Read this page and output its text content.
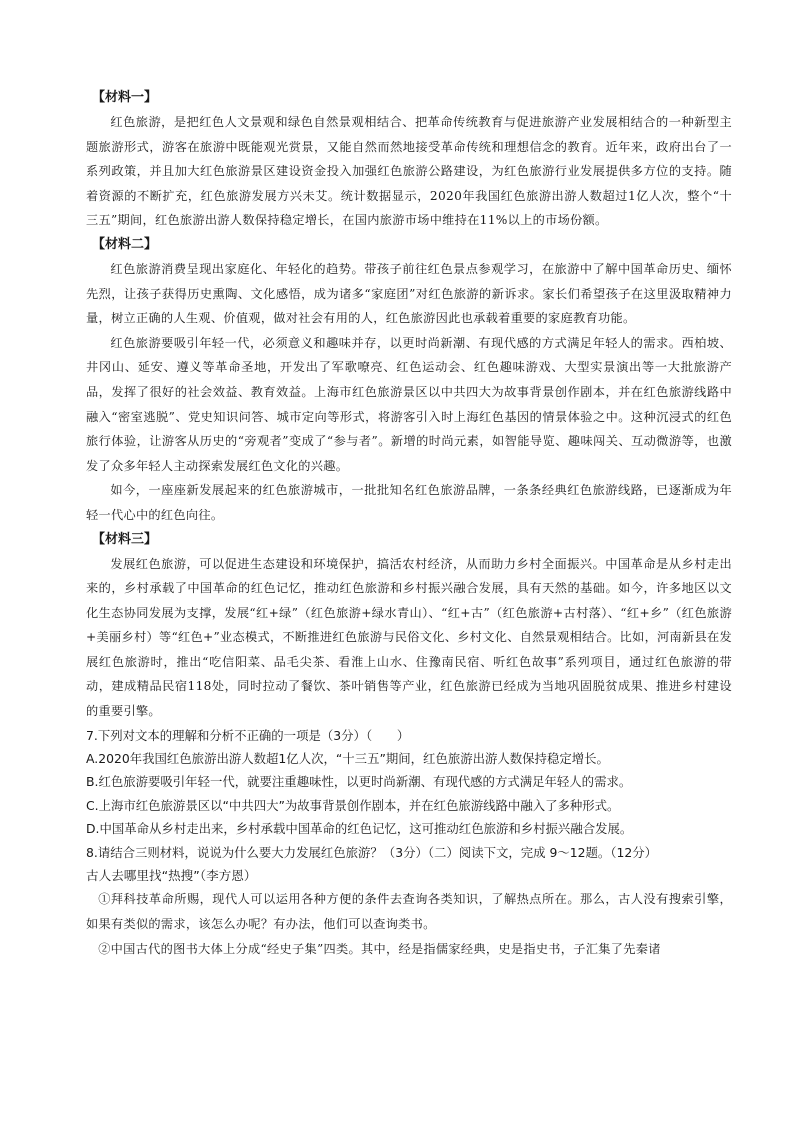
【材料一】

红色旅游，是把红色人文景观和绿色自然景观相结合、把革命传统教育与促进旅游产业发展相结合的一种新型主题旅游形式，游客在旅游中既能观光赏景，又能自然而然地接受革命传统和理想信念的教育。近年来，政府出台了一系列政策，并且加大红色旅游景区建设资金投入加强红色旅游公路建设，为红色旅游行业发展提供多方位的支持。随着资源的不断扩充，红色旅游发展方兴未艾。统计数据显示，2020年我国红色旅游出游人数超过1亿人次，整个“十三五”期间，红色旅游出游人数保持稳定增长，在国内旅游市场中维持在11%以上的市场份额。

【材料二】

红色旅游消费呈现出家庭化、年轻化的趋势。带孩子前往红色景点参观学习，在旅游中了解中国革命历史、缅怀先烈，让孩子获得历史熏陶、文化感悟，成为诸多“家庭团”对红色旅游的新诉求。家长们希望孩子在这里汲取精神力量，树立正确的人生观、价值观，做对社会有用的人，红色旅游因此也承载着重要的家庭教育功能。

红色旅游要吸引年轻一代，必须意义和趣味并存，以更时尚新潮、有现代感的方式满足年轻人的需求。西柏坡、井冈山、延安、遵义等革命圣地，开发出了军歌嘹亮、红色运动会、红色趣味游戏、大型实景演出等一大批旅游产品，发挥了很好的社会效益、教育效益。上海市红色旅游景区以中共四大为故事背景创作剧本，并在红色旅游线路中融入“密室逃脱”、党史知识问答、城市定向等形式，将游客引入时上海红色基因的情景体验之中。这种沉浸式的红色旅行体验，让游客从历史的“旁观者”变成了“参与者”。新增的时尚元素，如智能导览、趣味闯关、互动微游等，也激发了众多年轻人主动探索发展红色文化的兴趣。

如今，一座座新发展起来的红色旅游城市，一批批知名红色旅游品牌，一条条经典红色旅游线路，已逐渐成为年轻一代心中的红色向往。

【材料三】

发展红色旅游，可以促进生态建设和环境保护，搞活农村经济，从而助力乡村全面振兴。中国革命是从乡村走出来的，乡村承载了中国革命的红色记忆，推动红色旅游和乡村振兴融合发展，具有天然的基础。如今，许多地区以文化生态协同发展为支撑，发展“红+绿”（红色旅游+绿水青山）、“红+古”（红色旅游+古村落）、“红+乡”（红色旅游+美丽乡村）等“红色+”业态模式，不断推进红色旅游与民俗文化、乡村文化、自然景观相结合。比如，河南新县在发展红色旅游时，推出“吃信阳菜、品毛尖茶、看淮上山水、住豫南民宿、听红色故事”系列项目，通过红色旅游的带动，建成精品民宿118处，同时拉动了餐饮、茶叶销售等产业，红色旅游已经成为当地巩固脱贫成果、推进乡村建设的重要引擎。

7.下列对文本的理解和分析不正确的一项是（3分）（　　）
A.2020年我国红色旅游出游人数超1亿人次，“十三五”期间，红色旅游出游人数保持稳定增长。
B.红色旅游要吸引年轻一代，就要注重趣味性，以更时尚新潮、有现代感的方式满足年轻人的需求。
C.上海市红色旅游景区以“中共四大”为故事背景创作剧本，并在红色旅游线路中融入了多种形式。
D.中国革命从乡村走出来，乡村承载中国革命的红色记忆，这可推动红色旅游和乡村振兴融合发展。
8.请结合三则材料，说说为什么要大力发展红色旅游？（3分）（二）阅读下文，完成 9～12题。（12分）
古人去哪里找“热搜”（李方恩）

①拜科技革命所赐，现代人可以运用各种方便的条件去查询各类知识，了解热点所在。那么，古人没有搜索引擎，如果有类似的需求，该怎么办呢？有办法，他们可以查询类书。

②中国古代的图书大体上分成“经史子集”四类。其中，经是指儒家经典，史是指史书，子汇集了先秦诸
